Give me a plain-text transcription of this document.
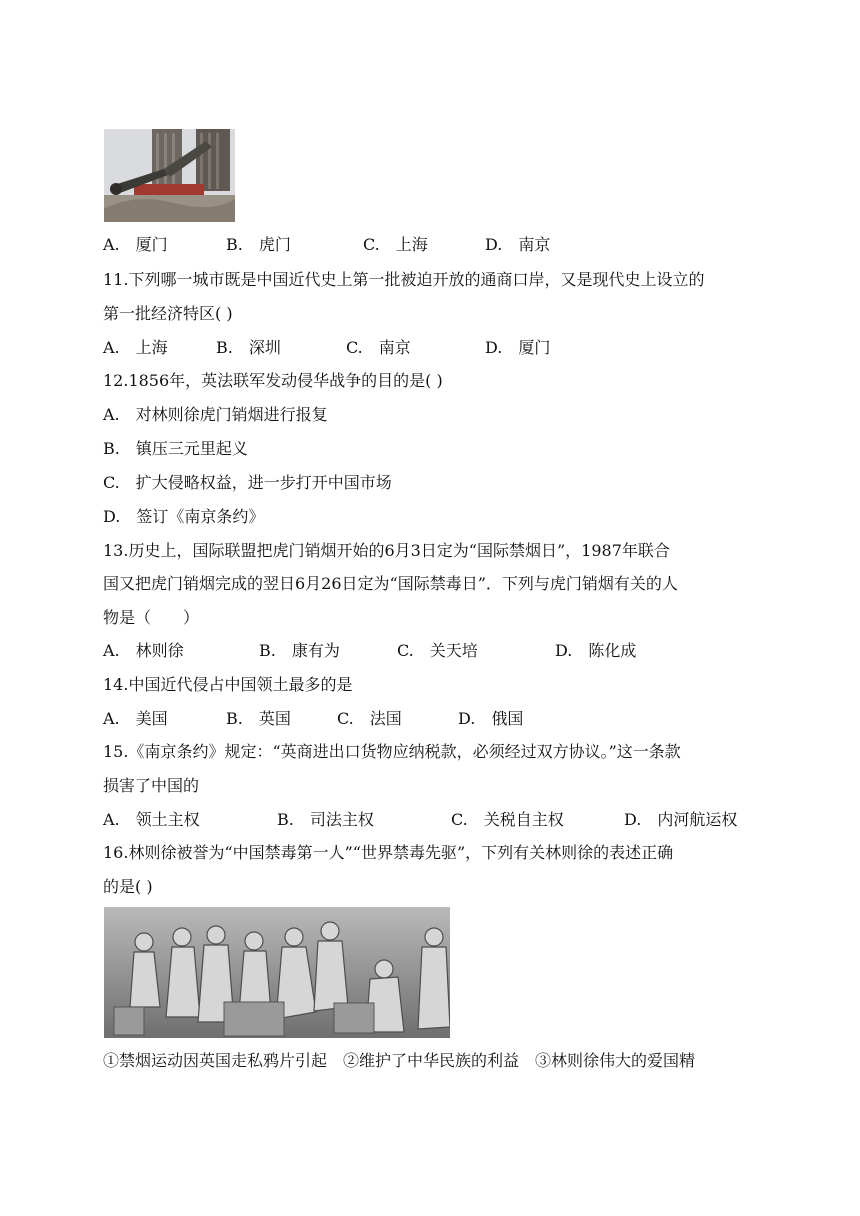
A.　厦门	B.　虎门	C.　上海	D.　南京
11.下列哪一城市既是中国近代史上第一批被迫开放的通商口岸，又是现代史上设立的
第一批经济特区( )
A.　上海	B.　深圳	C.　南京	D.　厦门
12.1856年，英法联军发动侵华战争的目的是( )
A.　对林则徐虎门销烟进行报复
B.　镇压三元里起义
C.　扩大侵略权益，进一步打开中国市场
D.　签订《南京条约》
13.历史上，国际联盟把虎门销烟开始的6月3日定为“国际禁烟日”，1987年联合
国又把虎门销烟完成的翌日6月26日定为“国际禁毒日”．下列与虎门销烟有关的人
物是（　　）
A.　林则徐	B.　康有为	C.　关天培	D.　陈化成
14.中国近代侵占中国领土最多的是
A.　美国	B.　英国	C.　法国	D.　俄国
15.《南京条约》规定：“英商进出口货物应纳税款，必须经过双方协议。”这一条款
损害了中国的
A.　领土主权	B.　司法主权	C.　关税自主权	D.　内河航运权
16.林则徐被誉为“中国禁毒第一人”“世界禁毒先驱”，下列有关林则徐的表述正确
的是( )
①禁烟运动因英国走私鸦片引起　②维护了中华民族的利益　③林则徐伟大的爱国精
